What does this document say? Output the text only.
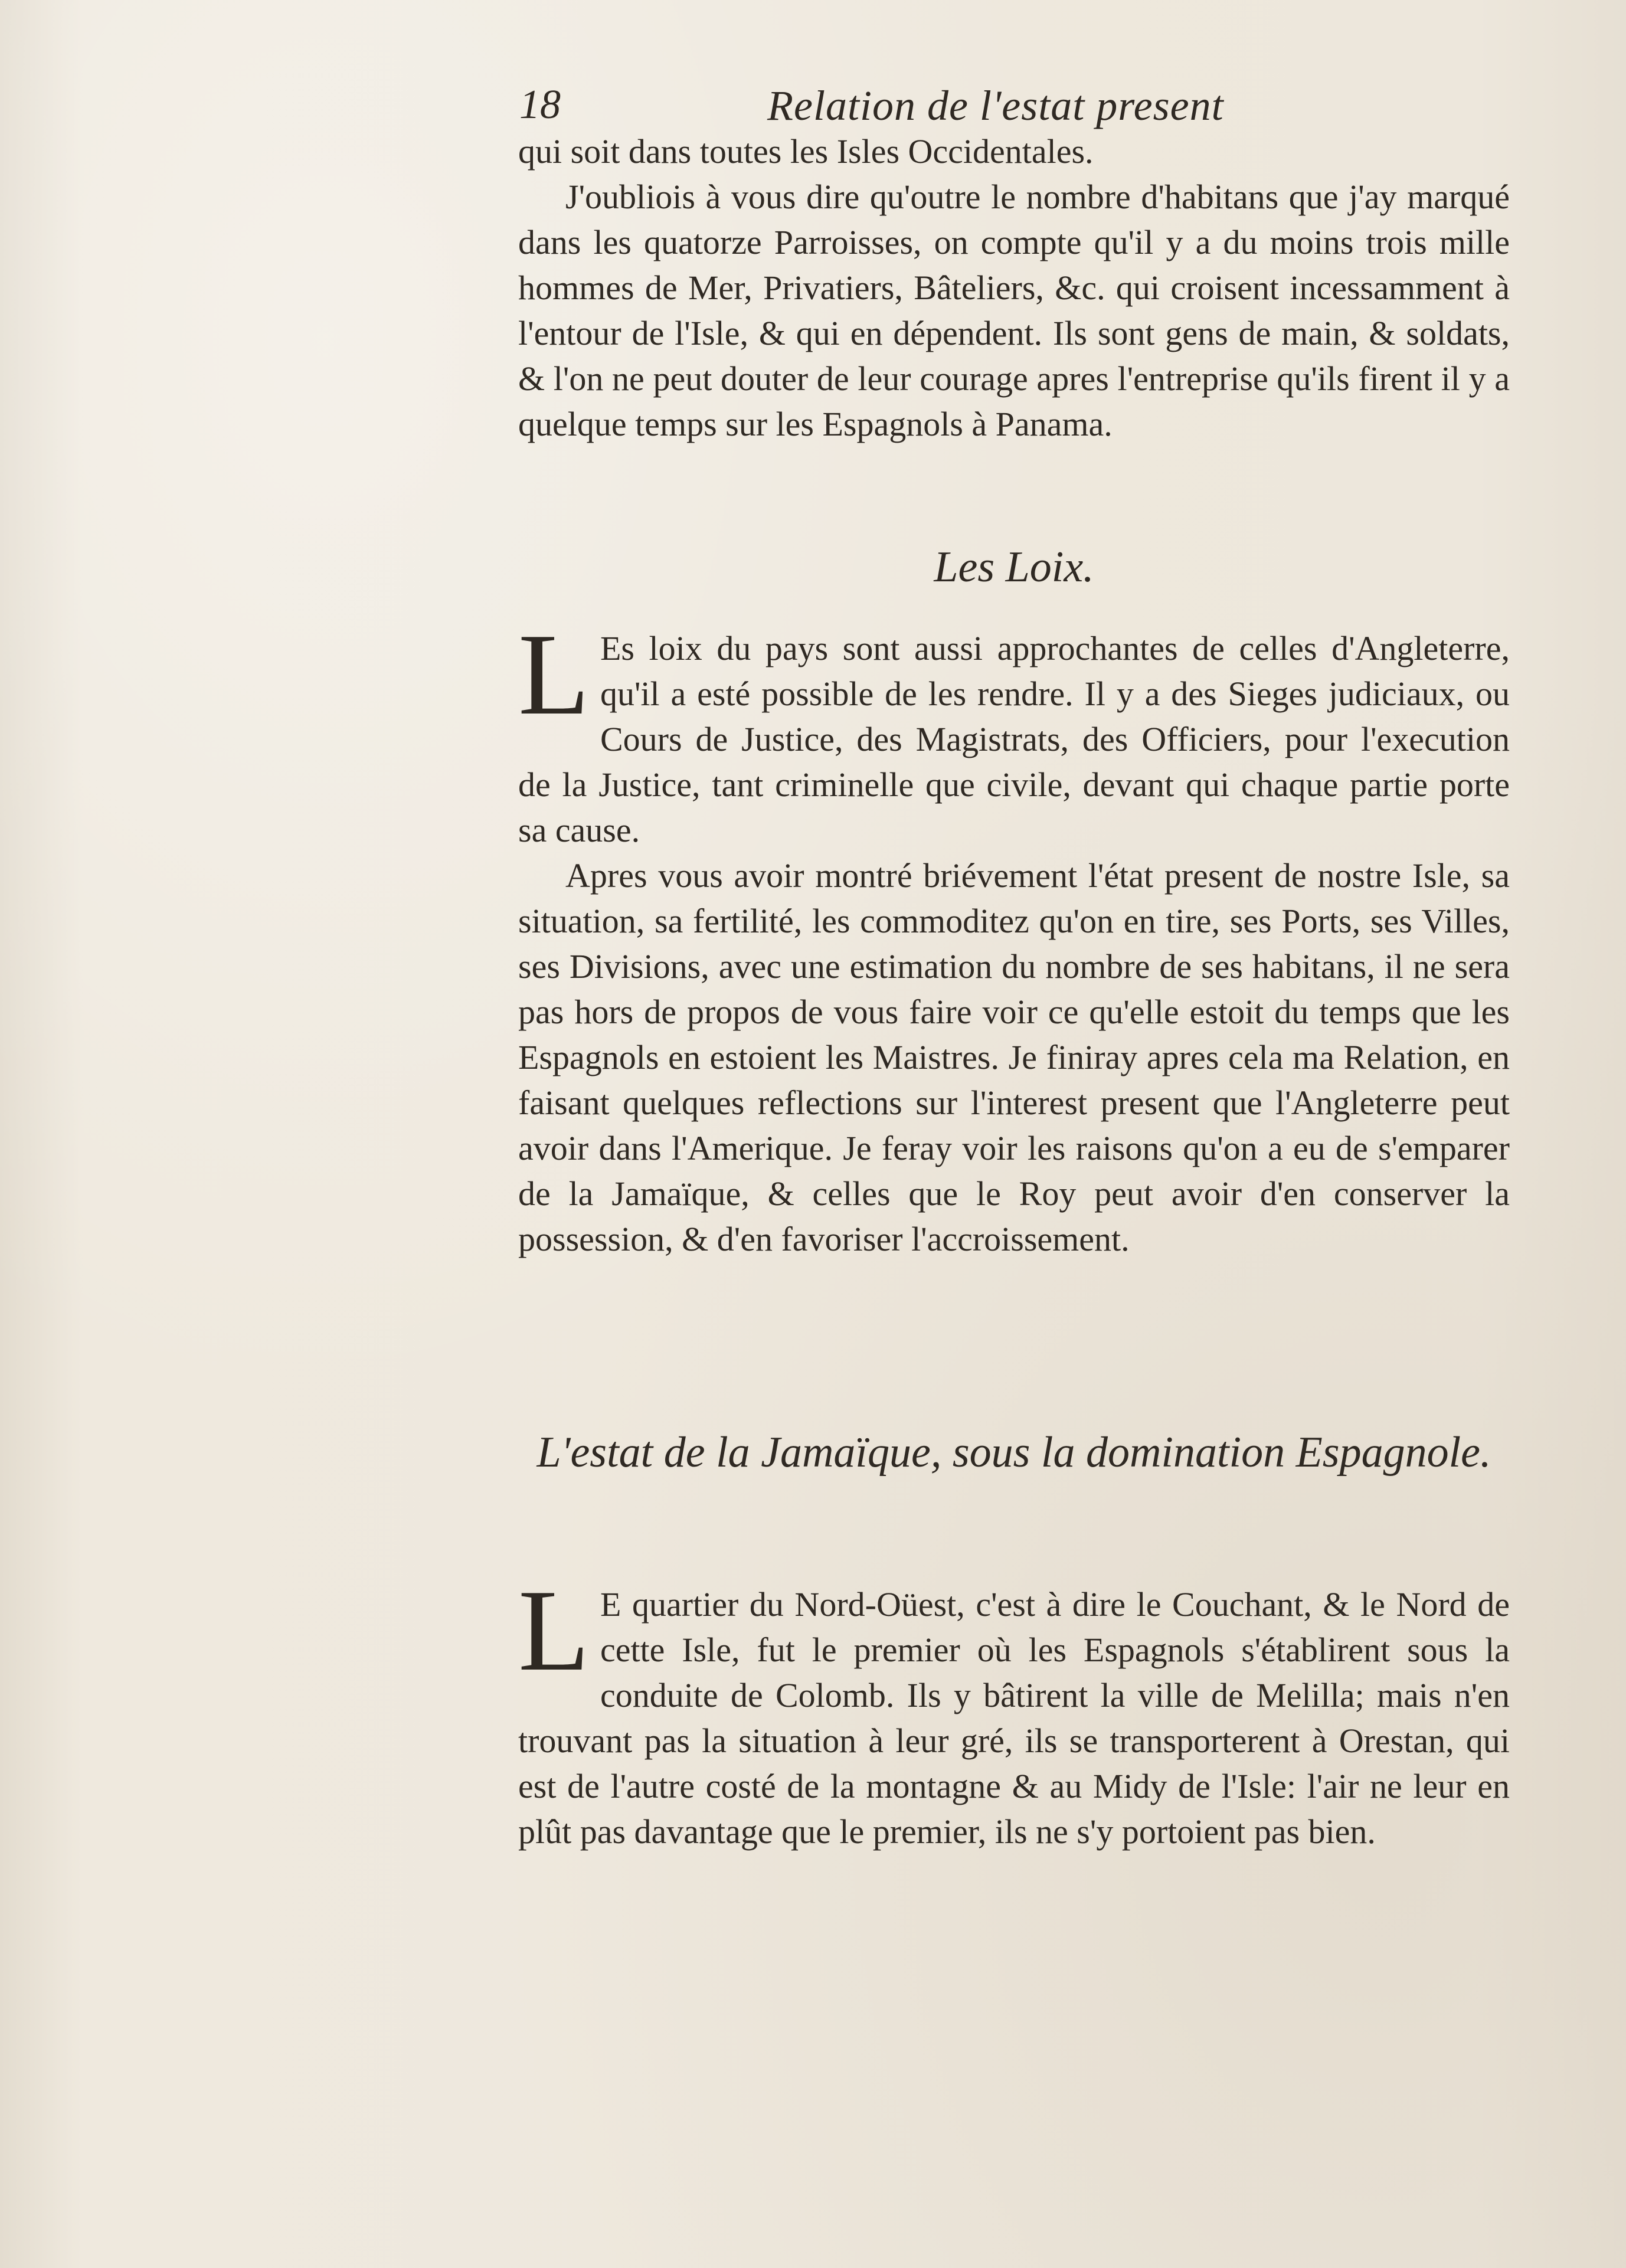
18	Relation de l'estat present

qui soit dans toutes les Isles Occidentales.

J'oubliois à vous dire qu'outre le nombre d'habitans que j'ay marqué dans les quatorze Parroisses, on compte qu'il y a du moins trois mille hommes de Mer, Privatiers, Bâteliers, &c. qui croisent incessamment à l'entour de l'Isle, & qui en dépendent. Ils sont gens de main, & soldats, & l'on ne peut douter de leur courage apres l'entreprise qu'ils firent il y a quelque temps sur les Espagnols à Panama.

Les Loix.

L Es loix du pays sont aussi approchantes de celles d'Angleterre, qu'il a esté possible de les rendre. Il y a des Sieges judiciaux, ou Cours de Justice, des Magistrats, des Officiers, pour l'execution de la Justice, tant criminelle que civile, devant qui chaque partie porte sa cause.

Apres vous avoir montré briévement l'état present de nostre Isle, sa situation, sa fertilité, les commoditez qu'on en tire, ses Ports, ses Villes, ses Divisions, avec une estimation du nombre de ses habitans, il ne sera pas hors de propos de vous faire voir ce qu'elle estoit du temps que les Espagnols en estoient les Maistres. Je finiray apres cela ma Relation, en faisant quelques reflections sur l'interest present que l'Angleterre peut avoir dans l'Amerique. Je feray voir les raisons qu'on a eu de s'emparer de la Jamaïque, & celles que le Roy peut avoir d'en conserver la possession, & d'en favoriser l'accroissement.

L'estat de la Jamaïque, sous la domination Espagnole.

L E quartier du Nord-Oüest, c'est à dire le Couchant, & le Nord de cette Isle, fut le premier où les Espagnols s'établirent sous la conduite de Colomb. Ils y bâtirent la ville de Melilla; mais n'en trouvant pas la situation à leur gré, ils se transporterent à Orestan, qui est de l'autre costé de la montagne & au Midy de l'Isle: l'air ne leur en plût pas davantage que le premier, ils ne s'y portoient pas bien.
